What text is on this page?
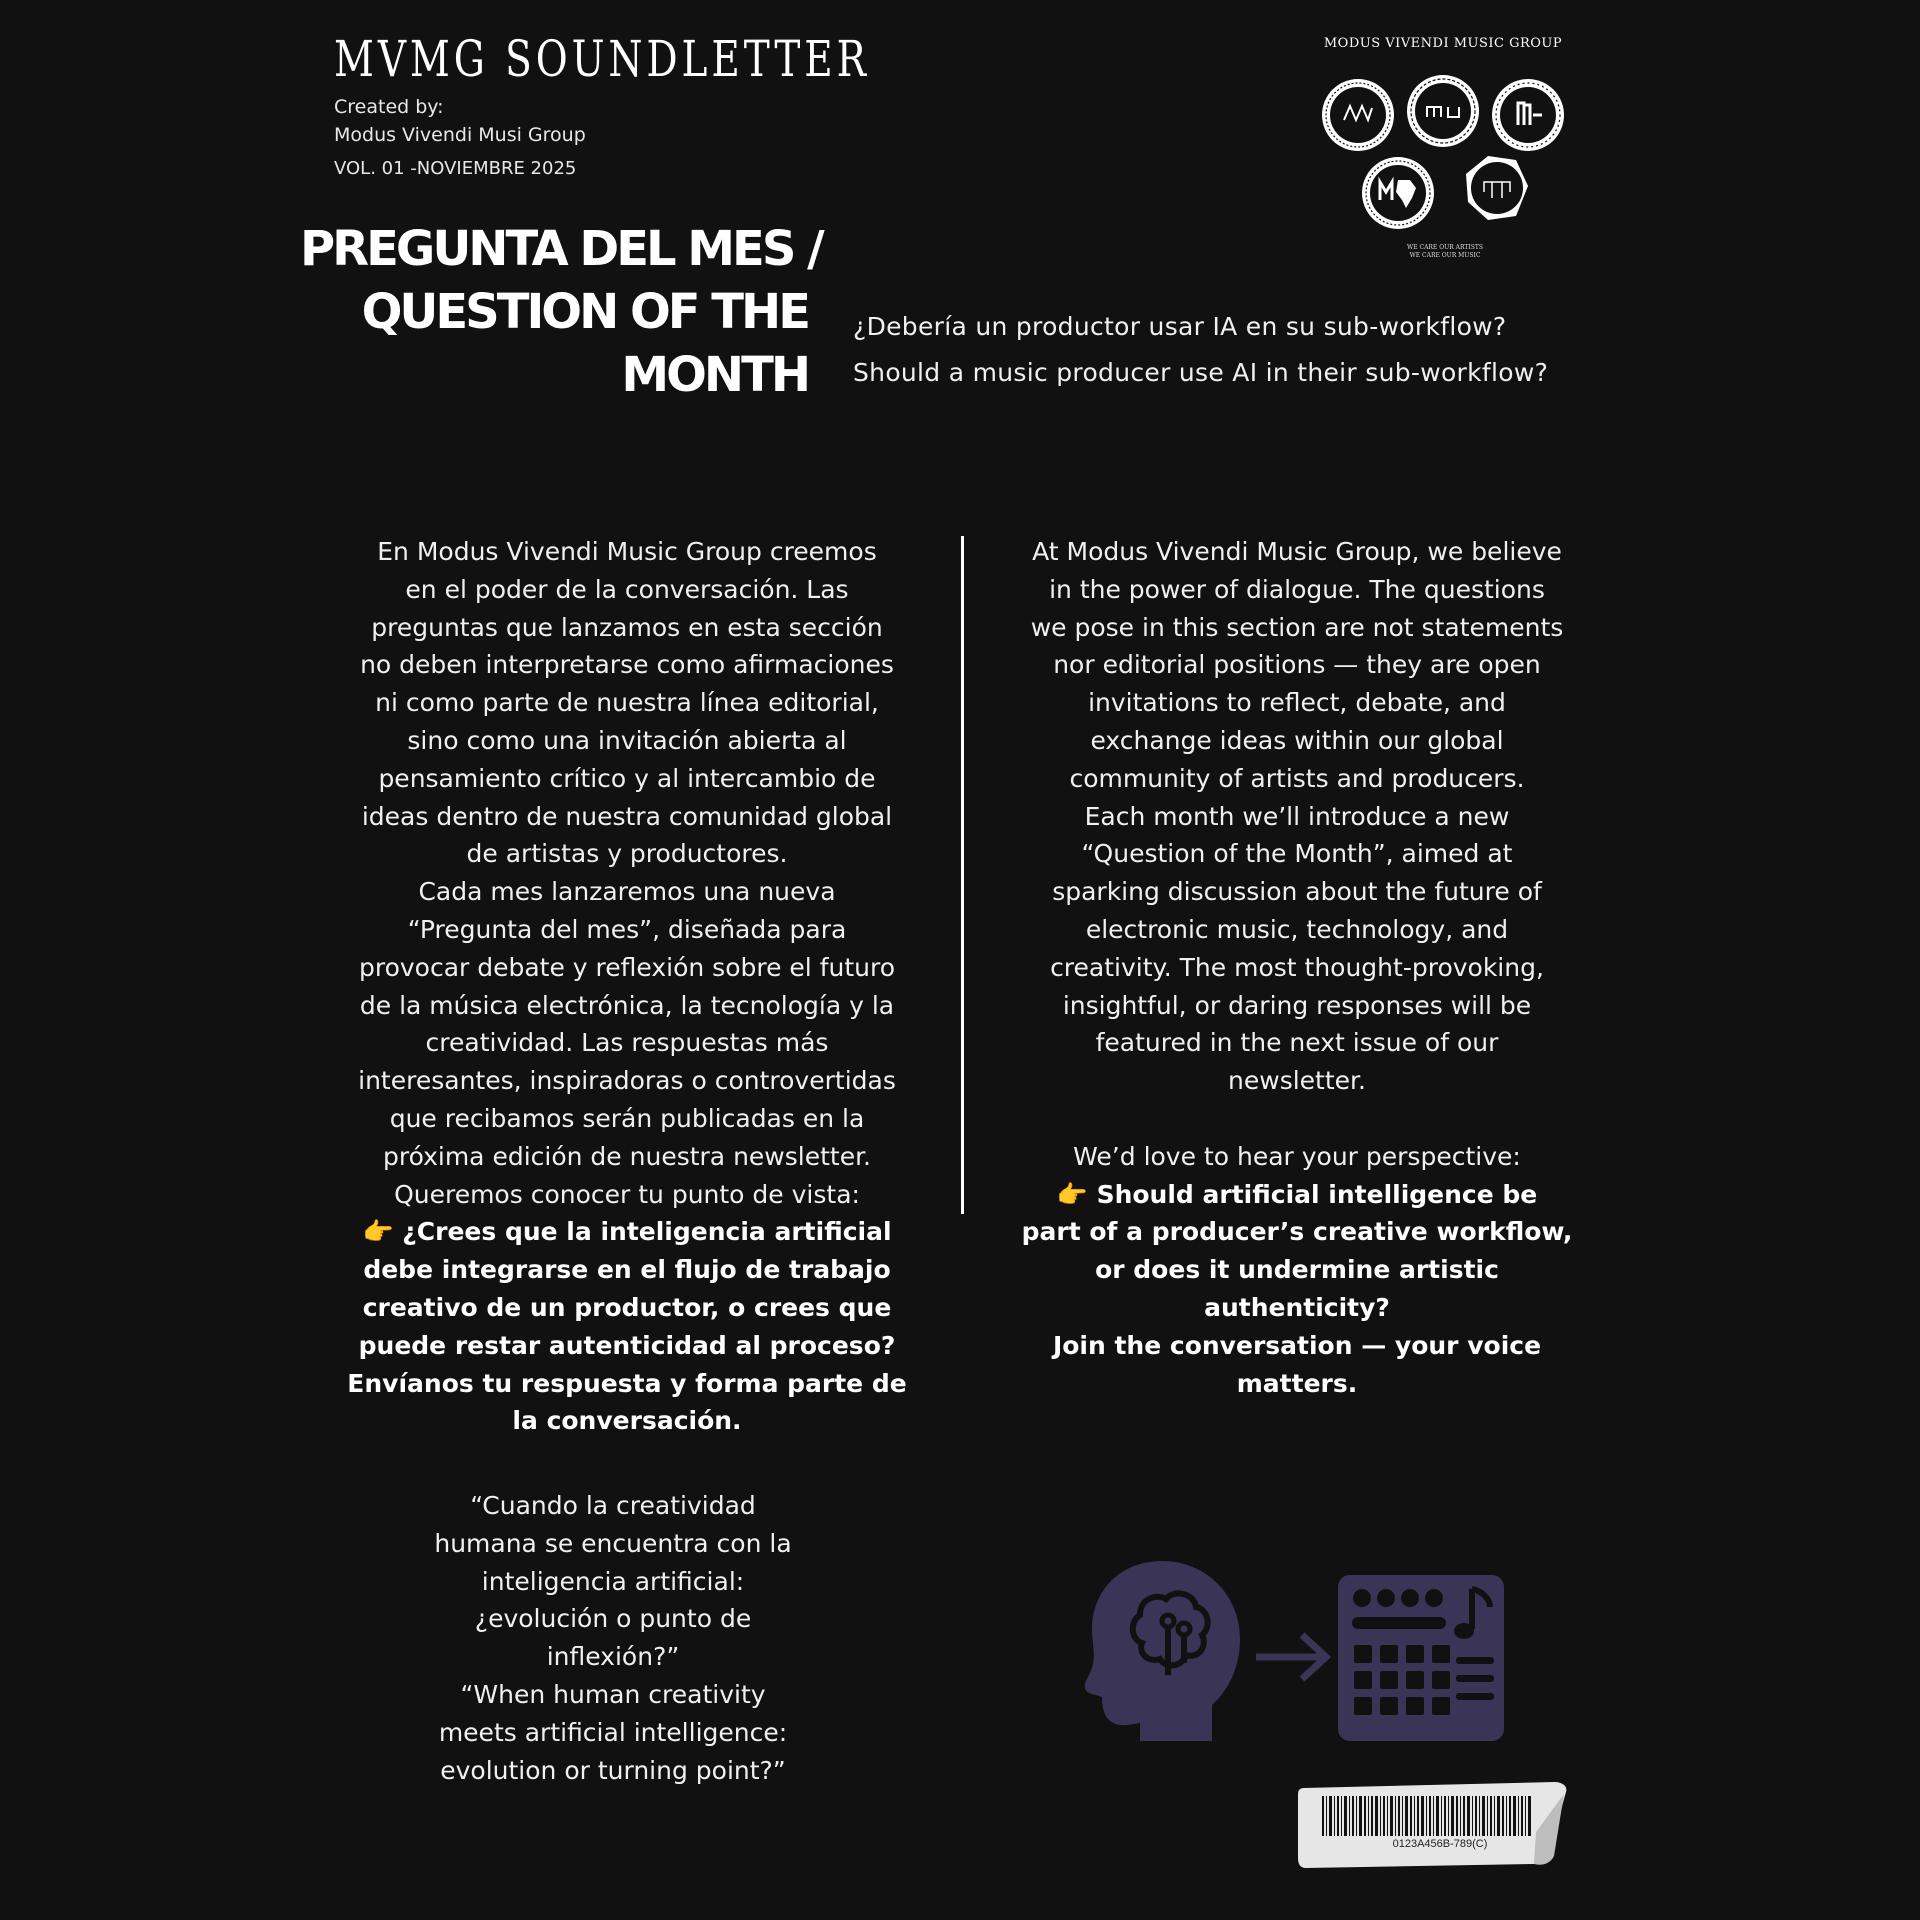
MVMG SOUNDLETTER
Created by:
Modus Vivendi Musi Group
VOL. 01 -NOVIEMBRE 2025
MODUS VIVENDI MUSIC GROUP
WE CARE OUR ARTISTS
WE CARE OUR MUSIC
PREGUNTA DEL MES /
QUESTION OF THE
MONTH
¿Debería un productor usar IA en su sub-workflow?
Should a music producer use AI in their sub-workflow?

En Modus Vivendi Music Group creemos
en el poder de la conversación. Las
preguntas que lanzamos en esta sección
no deben interpretarse como afirmaciones
ni como parte de nuestra línea editorial,
sino como una invitación abierta al
pensamiento crítico y al intercambio de
ideas dentro de nuestra comunidad global
de artistas y productores.
Cada mes lanzaremos una nueva
“Pregunta del mes”, diseñada para
provocar debate y reflexión sobre el futuro
de la música electrónica, la tecnología y la
creatividad. Las respuestas más
interesantes, inspiradoras o controvertidas
que recibamos serán publicadas en la
próxima edición de nuestra newsletter.
Queremos conocer tu punto de vista:

👉 ¿Crees que la inteligencia artificial
debe integrarse en el flujo de trabajo
creativo de un productor, o crees que
puede restar autenticidad al proceso?
Envíanos tu respuesta y forma parte de
la conversación.

At Modus Vivendi Music Group, we believe
in the power of dialogue. The questions
we pose in this section are not statements
nor editorial positions — they are open
invitations to reflect, debate, and
exchange ideas within our global
community of artists and producers.
Each month we’ll introduce a new
“Question of the Month”, aimed at
sparking discussion about the future of
electronic music, technology, and
creativity. The most thought-provoking,
insightful, or daring responses will be
featured in the next issue of our
newsletter.

We’d love to hear your perspective:

👉 Should artificial intelligence be
part of a producer’s creative workflow,
or does it undermine artistic
authenticity?
Join the conversation — your voice
matters.

“Cuando la creatividad
humana se encuentra con la
inteligencia artificial:
¿evolución o punto de
inflexión?”

“When human creativity
meets artificial intelligence:
evolution or turning point?”

0123A456B-789(C)
